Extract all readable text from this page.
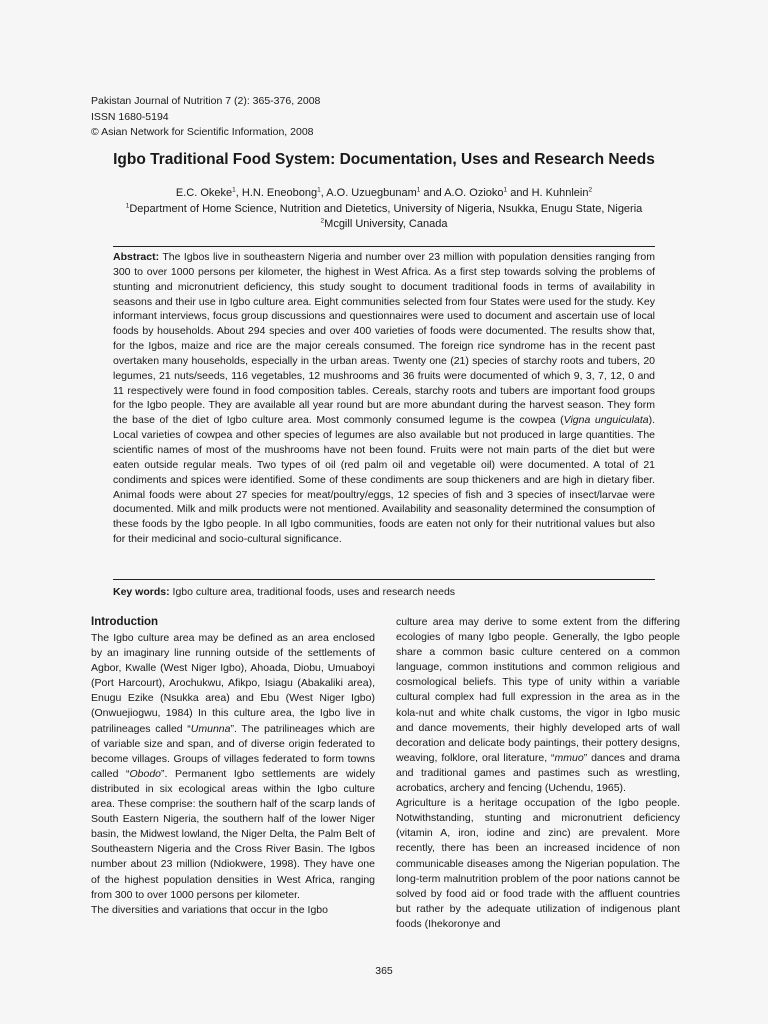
Pakistan Journal of Nutrition 7 (2): 365-376, 2008
ISSN 1680-5194
© Asian Network for Scientific Information, 2008
Igbo Traditional Food System: Documentation, Uses and Research Needs
E.C. Okeke$^1$, H.N. Eneobong$^1$, A.O. Uzuegbunam$^1$ and A.O. Ozioko$^1$ and H. Kuhnlein$^2$
$^1$Department of Home Science, Nutrition and Dietetics, University of Nigeria, Nsukka, Enugu State, Nigeria
$^2$Mcgill University, Canada

Abstract: The Igbos live in southeastern Nigeria and number over 23 million with population densities ranging from 300 to over 1000 persons per kilometer, the highest in West Africa. As a first step towards solving the problems of stunting and micronutrient deficiency, this study sought to document traditional foods in terms of availability in seasons and their use in Igbo culture area. Eight communities selected from four States were used for the study. Key informant interviews, focus group discussions and questionnaires were used to document and ascertain use of local foods by households. About 294 species and over 400 varieties of foods were documented. The results show that, for the Igbos, maize and rice are the major cereals consumed. The foreign rice syndrome has in the recent past overtaken many households, especially in the urban areas. Twenty one (21) species of starchy roots and tubers, 20 legumes, 21 nuts/seeds, 116 vegetables, 12 mushrooms and 36 fruits were documented of which 9, 3, 7, 12, 0 and 11 respectively were found in food composition tables. Cereals, starchy roots and tubers are important food groups for the Igbo people. They are available all year round but are more abundant during the harvest season. They form the base of the diet of Igbo culture area. Most commonly consumed legume is the cowpea (Vigna unguiculata). Local varieties of cowpea and other species of legumes are also available but not produced in large quantities. The scientific names of most of the mushrooms have not been found. Fruits were not main parts of the diet but were eaten outside regular meals. Two types of oil (red palm oil and vegetable oil) were documented. A total of 21 condiments and spices were identified. Some of these condiments are soup thickeners and are high in dietary fiber. Animal foods were about 27 species for meat/poultry/eggs, 12 species of fish and 3 species of insect/larvae were documented. Milk and milk products were not mentioned. Availability and seasonality determined the consumption of these foods by the Igbo people. In all Igbo communities, foods are eaten not only for their nutritional values but also for their medicinal and socio-cultural significance.

Key words: Igbo culture area, traditional foods, uses and research needs
Introduction

The Igbo culture area may be defined as an area enclosed by an imaginary line running outside of the settlements of Agbor, Kwalle (West Niger Igbo), Ahoada, Diobu, Umuaboyi (Port Harcourt), Arochukwu, Afikpo, Isiagu (Abakaliki area), Enugu Ezike (Nsukka area) and Ebu (West Niger Igbo) (Onwuejiogwu, 1984) In this culture area, the Igbo live in patrilineages called “Umunna”. The patrilineages which are of variable size and span, and of diverse origin federated to become villages. Groups of villages federated to form towns called “Obodo”. Permanent Igbo settlements are widely distributed in six ecological areas within the Igbo culture area. These comprise: the southern half of the scarp lands of South Eastern Nigeria, the southern half of the lower Niger basin, the Midwest lowland, the Niger Delta, the Palm Belt of Southeastern Nigeria and the Cross River Basin. The Igbos number about 23 million (Ndiokwere, 1998). They have one of the highest population densities in West Africa, ranging from 300 to over 1000 persons per kilometer.

The diversities and variations that occur in the Igbo

culture area may derive to some extent from the differing ecologies of many Igbo people. Generally, the Igbo people share a common basic culture centered on a common language, common institutions and common religious and cosmological beliefs. This type of unity within a variable cultural complex had full expression in the area as in the kola-nut and white chalk customs, the vigor in Igbo music and dance movements, their highly developed arts of wall decoration and delicate body paintings, their pottery designs, weaving, folklore, oral literature, “mmuo” dances and drama and traditional games and pastimes such as wrestling, acrobatics, archery and fencing (Uchendu, 1965).

Agriculture is a heritage occupation of the Igbo people. Notwithstanding, stunting and micronutrient deficiency (vitamin A, iron, iodine and zinc) are prevalent. More recently, there has been an increased incidence of non communicable diseases among the Nigerian population. The long-term malnutrition problem of the poor nations cannot be solved by food aid or food trade with the affluent countries but rather by the adequate utilization of indigenous plant foods (Ihekoronye and

365
